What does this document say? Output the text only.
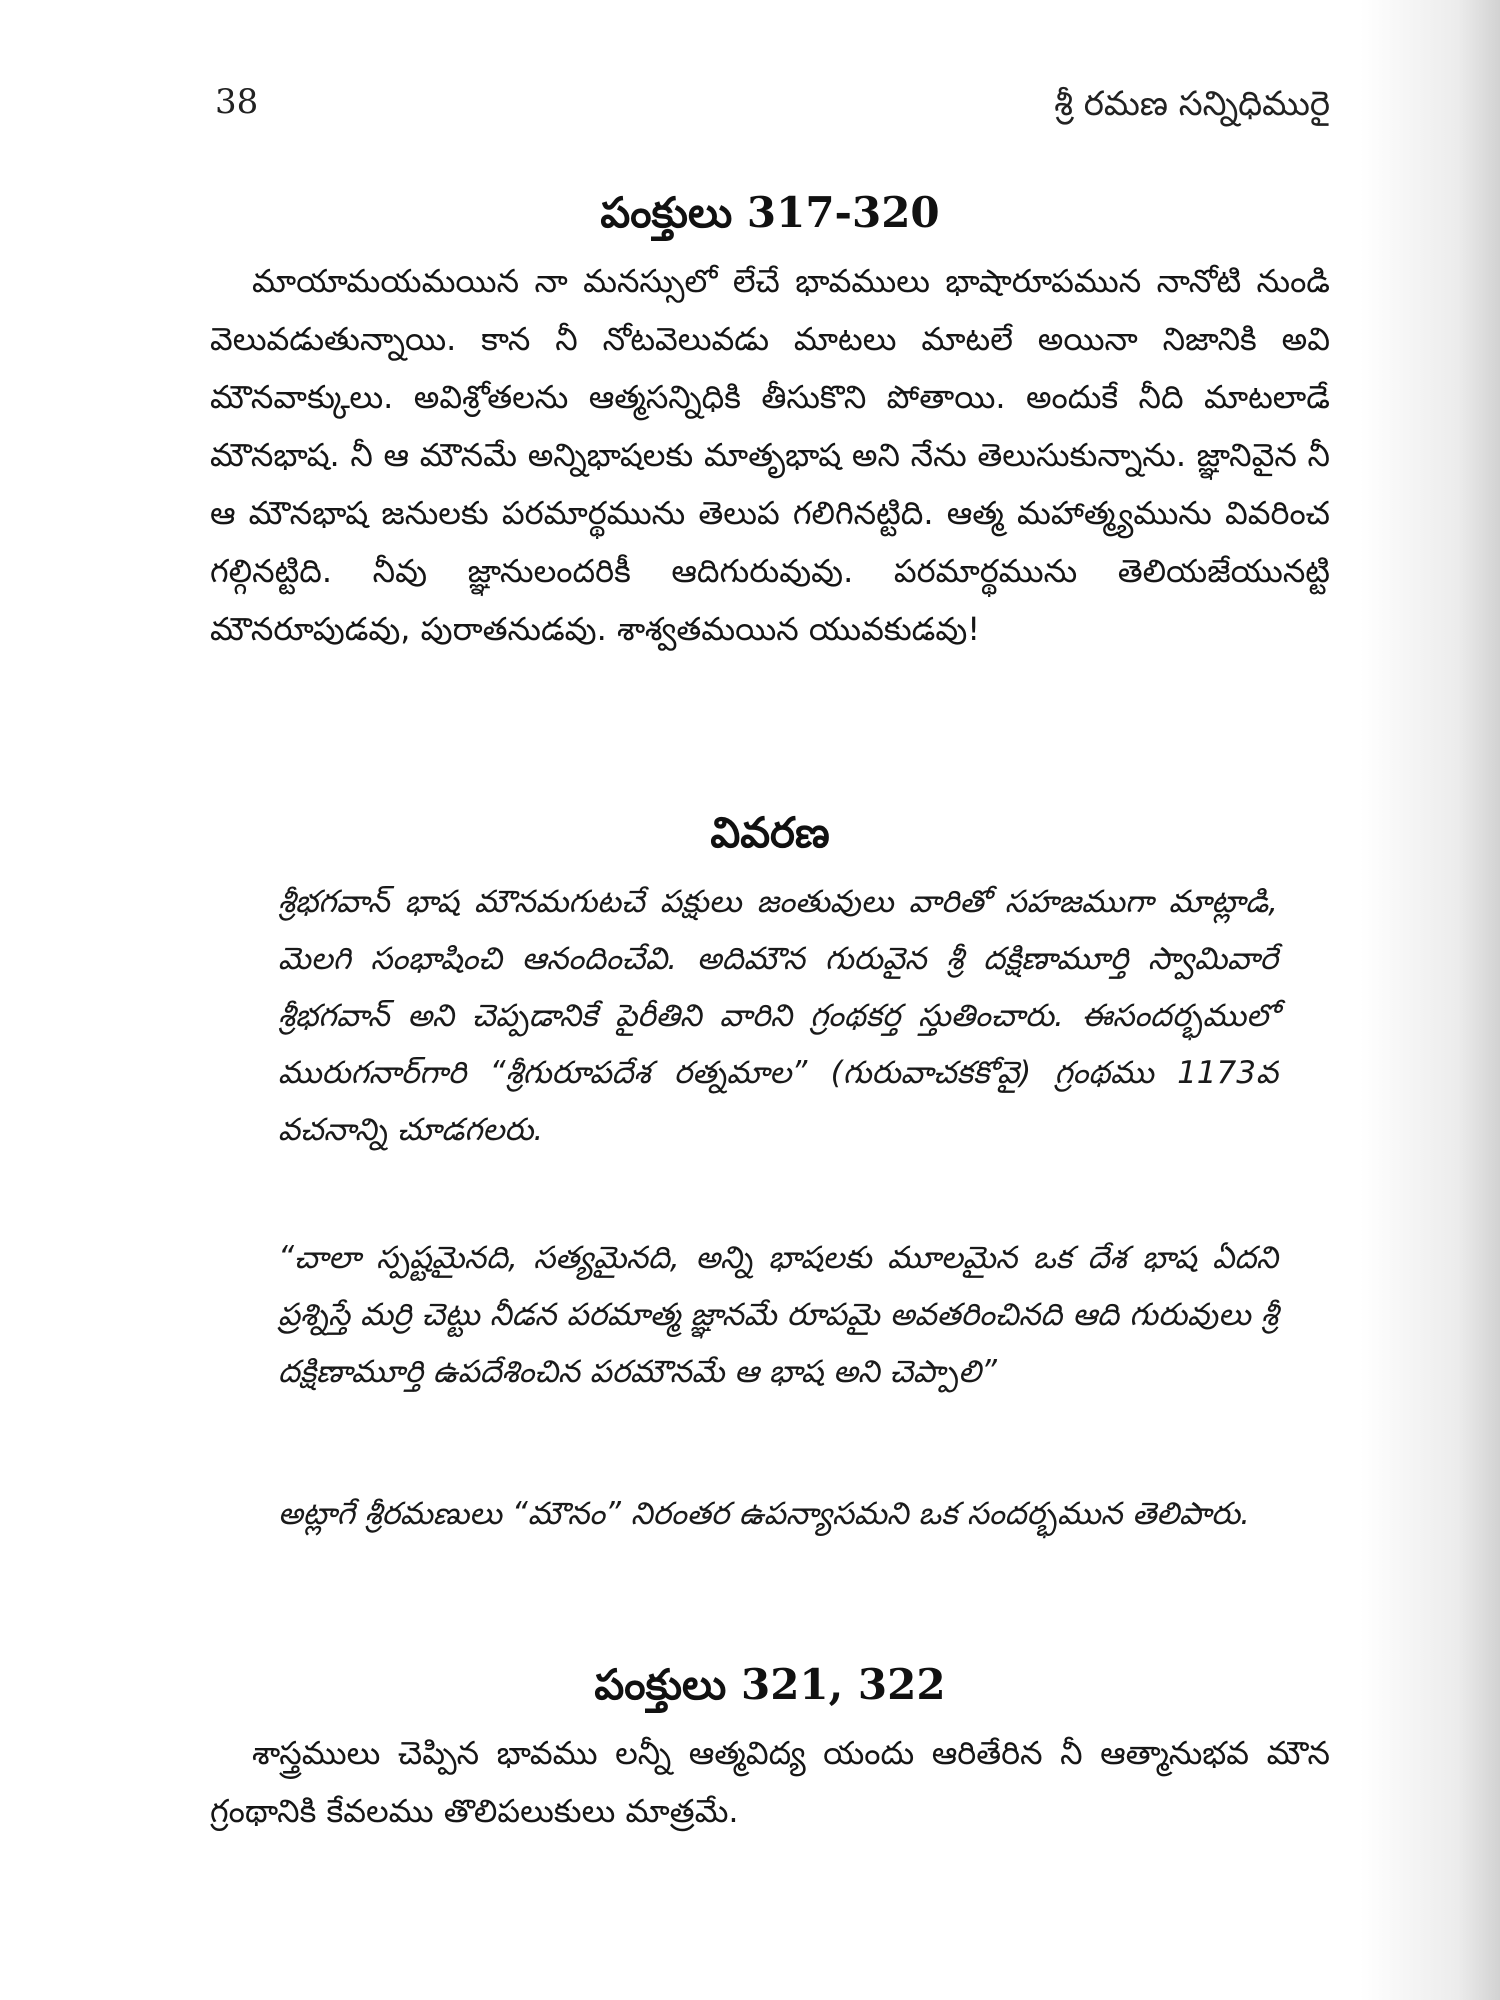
38	శ్రీ రమణ సన్నిధిమురై
పంక్తులు 317-320

మాయామయమయిన నా మనస్సులో లేచే భావములు భాషారూపమున నానోటి నుండి వెలువడుతున్నాయి. కాన నీ నోటవెలువడు మాటలు మాటలే అయినా నిజానికి అవి మౌనవాక్కులు. అవిశ్రోతలను ఆత్మసన్నిధికి తీసుకొని పోతాయి. అందుకే నీది మాటలాడే మౌనభాష. నీ ఆ మౌనమే అన్నిభాషలకు మాతృభాష అని నేను తెలుసుకున్నాను. జ్ఞానివైన నీ ఆ మౌనభాష జనులకు పరమార్థమును తెలుప గలిగినట్టిది. ఆత్మ మహాత్మ్యమును వివరించ గల్గినట్టిది. నీవు జ్ఞానులందరికీ ఆదిగురువువు. పరమార్థమును తెలియజేయునట్టి మౌనరూపుడవు, పురాతనుడవు. శాశ్వతమయిన యువకుడవు!

వివరణ

శ్రీభగవాన్ భాష మౌనమగుటచే పక్షులు జంతువులు వారితో సహజముగా మాట్లాడి, మెలగి సంభాషించి ఆనందించేవి. అదిమౌన గురువైన శ్రీ దక్షిణామూర్తి స్వామివారే శ్రీభగవాన్ అని చెప్పడానికే పైరీతిని వారిని గ్రంథకర్త స్తుతించారు. ఈసందర్భములో మురుగనార్‌గారి “శ్రీగురూపదేశ రత్నమాల” (గురువాచకకోవై) గ్రంథము 1173వ వచనాన్ని చూడగలరు.

“చాలా స్పష్టమైనది, సత్యమైనది, అన్ని భాషలకు మూలమైన ఒక దేశ భాష ఏదని ప్రశ్నిస్తే మర్రి చెట్టు నీడన పరమాత్మ జ్ఞానమే రూపమై అవతరించినది ఆది గురువులు శ్రీ దక్షిణామూర్తి ఉపదేశించిన పరమౌనమే ఆ భాష అని చెప్పాలి”

అట్లాగే శ్రీరమణులు “మౌనం” నిరంతర ఉపన్యాసమని ఒక సందర్భమున తెలిపారు.

పంక్తులు 321, 322

శాస్త్రములు చెప్పిన భావము లన్నీ ఆత్మవిద్య యందు ఆరితేరిన నీ ఆత్మానుభవ మౌన గ్రంథానికి కేవలము తొలిపలుకులు మాత్రమే.
